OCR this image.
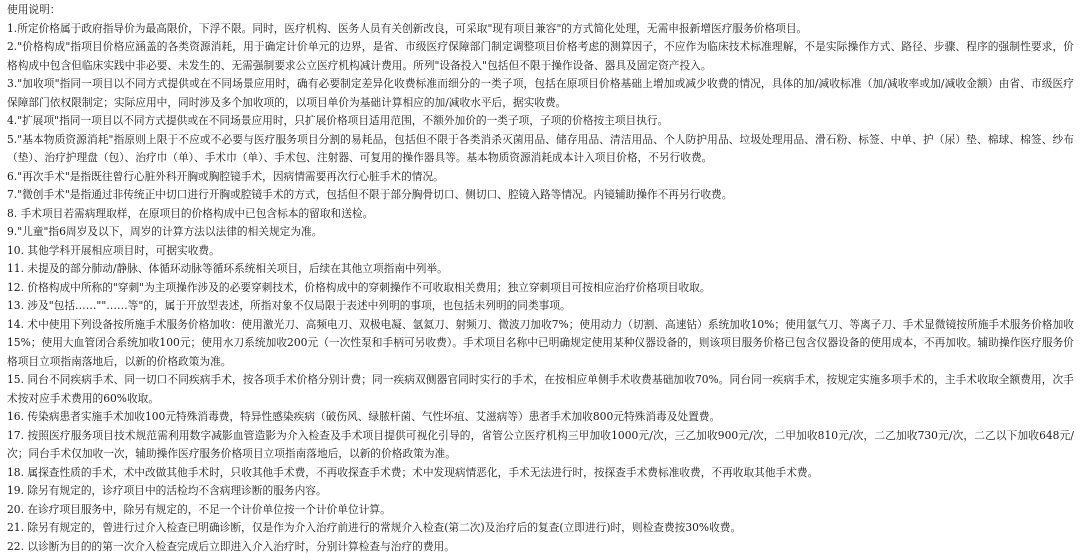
使用说明：

1.所定价格属于政府指导价为最高限价，下浮不限。同时，医疗机构、医务人员有关创新改良，可采取"现有项目兼容"的方式简化处理，无需申报新增医疗服务价格项目。

2."价格构成"指项目价格应涵盖的各类资源消耗，用于确定计价单元的边界，是省、市级医疗保障部门制定调整项目价格考虑的测算因子，不应作为临床技术标准理解，不是实际操作方式、路径、步骤、程序的强制性要求，价格构成中包含但临床实践中非必要、未发生的、无需强制要求公立医疗机构减计费用。所列"设备投入"包括但不限于操作设备、器具及固定资产投入。

3."加收项"指同一项目以不同方式提供或在不同场景应用时，确有必要制定差异化收费标准而细分的一类子项，包括在原项目价格基础上增加或减少收费的情况，具体的加/减收标准（加/减收率或加/减收金额）由省、市级医疗保障部门依权限制定；实际应用中，同时涉及多个加收项的，以项目单价为基础计算相应的加/减收水平后，据实收费。

4."扩展项"指同一项目以不同方式提供或在不同场景应用时，只扩展价格项目适用范围，不额外加价的一类子项，子项的价格按主项目执行。

5."基本物质资源消耗"指原则上限于不应或不必要与医疗服务项目分割的易耗品，包括但不限于各类消杀灭菌用品、储存用品、清洁用品、个人防护用品、垃圾处理用品、滑石粉、标签、中单、护（尿）垫、棉球、棉签、纱布（垫）、治疗护理盘（包）、治疗巾（单）、手术巾（单）、手术包、注射器、可复用的操作器具等。基本物质资源消耗成本计入项目价格，不另行收费。

6."再次手术"是指既往曾行心脏外科开胸或胸腔镜手术，因病情需要再次行心脏手术的情况。

7."微创手术"是指通过非传统正中切口进行开胸或腔镜手术的方式，包括但不限于部分胸骨切口、侧切口、腔镜入路等情况。内镜辅助操作不再另行收费。

8. 手术项目若需病理取样，在原项目的价格构成中已包含标本的留取和送检。

9."儿童"指6周岁及以下，周岁的计算方法以法律的相关规定为准。

10. 其他学科开展相应项目时，可据实收费。

11. 未提及的部分肺动/静脉、体循环动脉等循环系统相关项目，后续在其他立项指南中列举。

12. 价格构成中所称的"穿刺"为主项操作涉及的必要穿刺技术，价格构成中的穿刺操作不可收取相关费用；独立穿刺项目可按相应治疗价格项目收取。

13. 涉及"包括……""……等"的，属于开放型表述，所指对象不仅局限于表述中列明的事项，也包括未列明的同类事项。

14. 术中使用下列设备按所施手术服务价格加收：使用激光刀、高频电刀、双极电凝、氩氦刀、射频刀、微波刀加收7%；使用动力（切割、高速钻）系统加收10%；使用氩气刀、等离子刀、手术显微镜按所施手术服务价格加收15%；使用大血管闭合系统加收100元；使用水刀系统加收200元（一次性泵和手柄可另收费）。手术项目名称中已明确规定使用某种仪器设备的，则该项目服务价格已包含仪器设备的使用成本，不再加收。辅助操作医疗服务价格项目立项指南落地后，以新的价格政策为准。

15. 同台不同疾病手术、同一切口不同疾病手术，按各项手术价格分别计费；同一疾病双侧器官同时实行的手术，在按相应单侧手术收费基础加收70%。同台同一疾病手术，按规定实施多项手术的，主手术收取全额费用，次手术按对应手术费用的60%收取。

16. 传染病患者实施手术加收100元特殊消毒费，特异性感染疾病（破伤风、绿脓杆菌、气性坏疽、艾滋病等）患者手术加收800元特殊消毒及处置费。

17. 按照医疗服务项目技术规范需利用数字减影血管造影为介入检查及手术项目提供可视化引导的，省管公立医疗机构三甲加收1000元/次，三乙加收900元/次，二甲加收810元/次，二乙加收730元/次，二乙以下加收648元/次；同台手术仅加收一次，辅助操作医疗服务价格项目立项指南落地后，以新的价格政策为准。

18. 属探查性质的手术，术中改做其他手术时，只收其他手术费，不再收探查手术费；术中发现病情恶化，手术无法进行时，按探查手术费标准收费，不再收取其他手术费。

19. 除另有规定的，诊疗项目中的活检均不含病理诊断的服务内容。

20. 在诊疗项目服务中，除另有规定的，不足一个计价单位按一个计价单位计算。

21. 除另有规定的，曾进行过介入检查已明确诊断，仅是作为介入治疗前进行的常规介入检查(第二次)及治疗后的复查(立即进行)时，则检查费按30%收费。

22. 以诊断为目的的第一次介入检查完成后立即进入介入治疗时，分别计算检查与治疗的费用。
